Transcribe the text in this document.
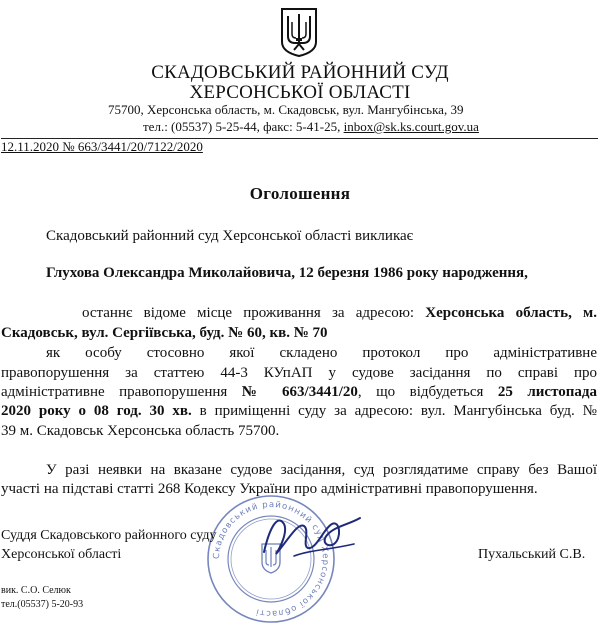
СКАДОВСЬКИЙ РАЙОННИЙ СУД
ХЕРСОНСЬКОЇ ОБЛАСТІ
75700, Херсонська область, м. Скадовськ, вул. Мангубінська, 39
тел.: (05537) 5-25-44, факс: 5-41-25, inbox@sk.ks.court.gov.ua
12.11.2020 № 663/3441/20/7122/2020
Оголошення
Скадовський районний суд Херсонської області викликає
Глухова Олександра Миколайовича, 12 березня 1986 року народження,
останнє відоме місце проживання за адресою: Херсонська область, м.
Скадовськ, вул. Сергіївська, буд. № 60, кв. № 70
як особу стосовно якої складено протокол про адміністративне
правопорушення за статтею 44-3 КУпАП у судове засідання по справі про
адміністративне правопорушення № 663/3441/20, що відбудеться 25 листопада
2020 року о 08 год. 30 хв. в приміщенні суду за адресою: вул. Мангубінська буд. №
39 м. Скадовськ Херсонська область 75700.
У разі неявки на вказане судове засідання, суд розглядатиме справу без Вашої
участі на підставі статті 268 Кодексу України про адміністративні правопорушення.
Скадовський районний суд Херсонської області
Суддя Скадовського районного суду
Херсонської області	Пухальський С.В.
вик. С.О. Селюк
тел.(05537) 5-20-93
